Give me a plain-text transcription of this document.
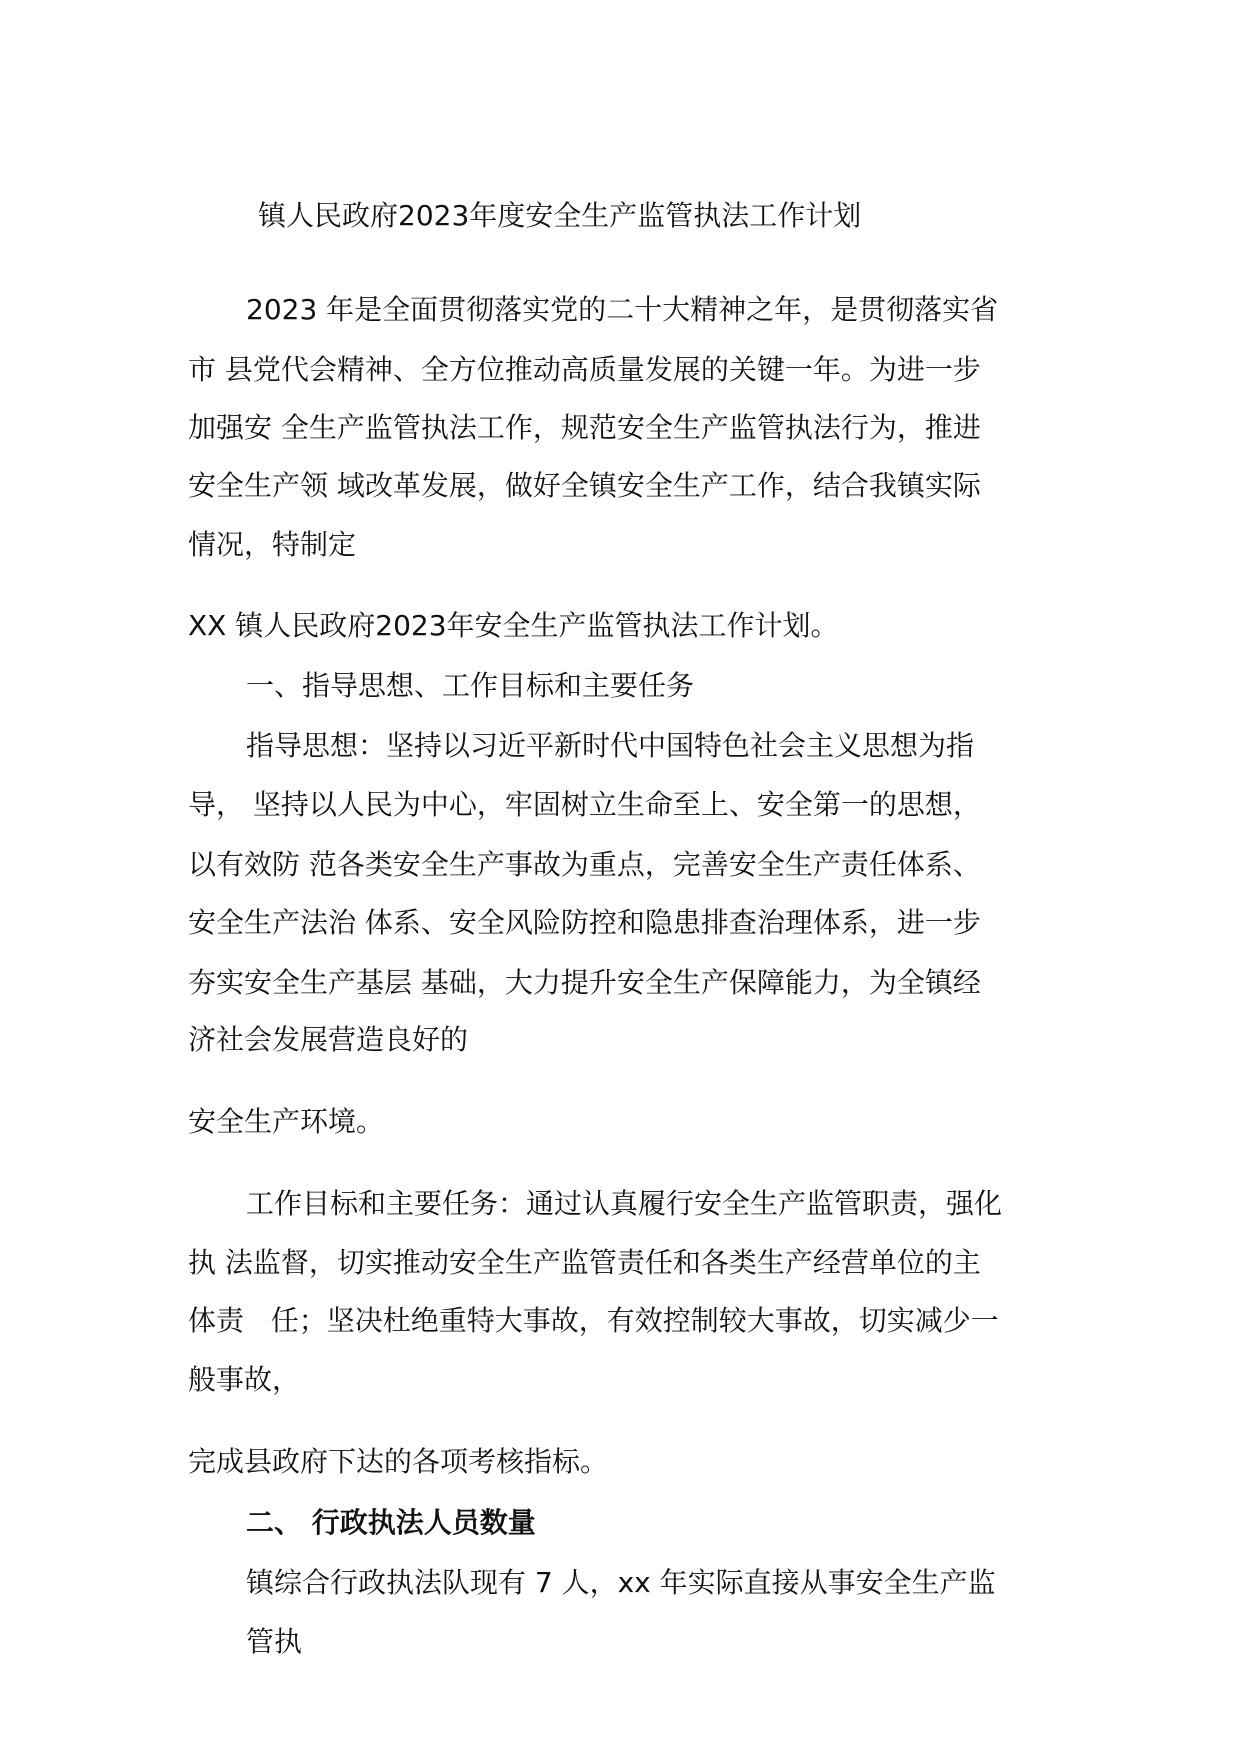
镇人民政府2023年度安全生产监管执法工作计划
2023 年是全面贯彻落实党的二十大精神之年，是贯彻落实省
市 县党代会精神、全方位推动高质量发展的关键一年。为进一步
加强安 全生产监管执法工作，规范安全生产监管执法行为，推进
安全生产领 域改革发展，做好全镇安全生产工作，结合我镇实际
情况，特制定
XX 镇人民政府2023年安全生产监管执法工作计划。
一、指导思想、工作目标和主要任务
指导思想：坚持以习近平新时代中国特色社会主义思想为指
导， 坚持以人民为中心，牢固树立生命至上、安全第一的思想，
以有效防 范各类安全生产事故为重点，完善安全生产责任体系、
安全生产法治 体系、安全风险防控和隐患排查治理体系，进一步
夯实安全生产基层 基础，大力提升安全生产保障能力，为全镇经
济社会发展营造良好的
安全生产环境。
工作目标和主要任务：通过认真履行安全生产监管职责，强化
执 法监督，切实推动安全生产监管责任和各类生产经营单位的主
体责   任；坚决杜绝重特大事故，有效控制较大事故，切实减少一
般事故，
完成县政府下达的各项考核指标。
二、 行政执法人员数量
镇综合行政执法队现有 7 人，xx 年实际直接从事安全生产监
管执
